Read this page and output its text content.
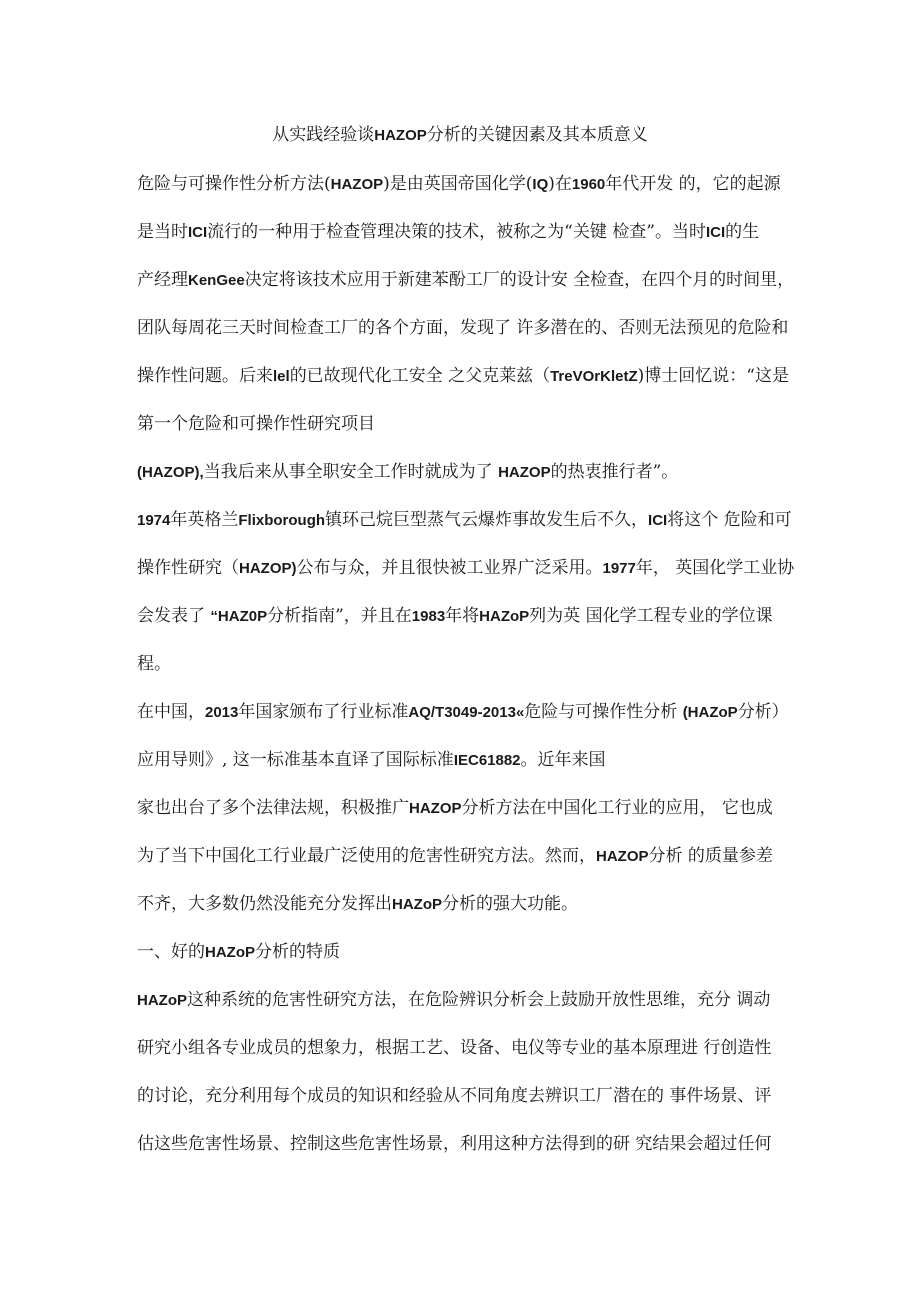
从实践经验谈HAZOP分析的关键因素及其本质意义
危险与可操作性分析方法(HAZOP)是由英国帝国化学(IQ)在1960年代开发 的，它的起源
是当时ICI流行的一种用于检查管理决策的技术，被称之为“关键 检查”。当时ICI的生
产经理KenGee决定将该技术应用于新建苯酚工厂的设计安 全检查，在四个月的时间里，
团队每周花三天时间检查工厂的各个方面，发现了 许多潜在的、否则无法预见的危险和
操作性问题。后来lel的已故现代化工安全 之父克莱兹（TreVOrKletZ)博士回忆说：“这是
第一个危险和可操作性研究项目
(HAZOP),当我后来从事全职安全工作时就成为了 HAZOP的热衷推行者”。
1974年英格兰Flixborough镇环己烷巨型蒸气云爆炸事故发生后不久，ICI将这个 危险和可
操作性研究（HAZOP)公布与众，并且很快被工业界广泛采用。1977年， 英国化学工业协
会发表了 “HAZ0P分析指南”，并且在1983年将HAZoP列为英 国化学工程专业的学位课
程。
在中国，2013年国家颁布了行业标准AQ/T3049-2013«危险与可操作性分析 (HAZoP分析）
应用导则》, 这一标准基本直译了国际标准IEC61882。近年来国
家也出台了多个法律法规，积极推广HAZOP分析方法在中国化工行业的应用， 它也成
为了当下中国化工行业最广泛使用的危害性研究方法。然而，HAZOP分析 的质量参差
不齐，大多数仍然没能充分发挥出HAZoP分析的强大功能。
一、好的HAZoP分析的特质
HAZoP这种系统的危害性研究方法，在危险辨识分析会上鼓励开放性思维，充分 调动
研究小组各专业成员的想象力，根据工艺、设备、电仪等专业的基本原理进 行创造性
的讨论，充分利用每个成员的知识和经验从不同角度去辨识工厂潜在的 事件场景、评
估这些危害性场景、控制这些危害性场景，利用这种方法得到的研 究结果会超过任何
